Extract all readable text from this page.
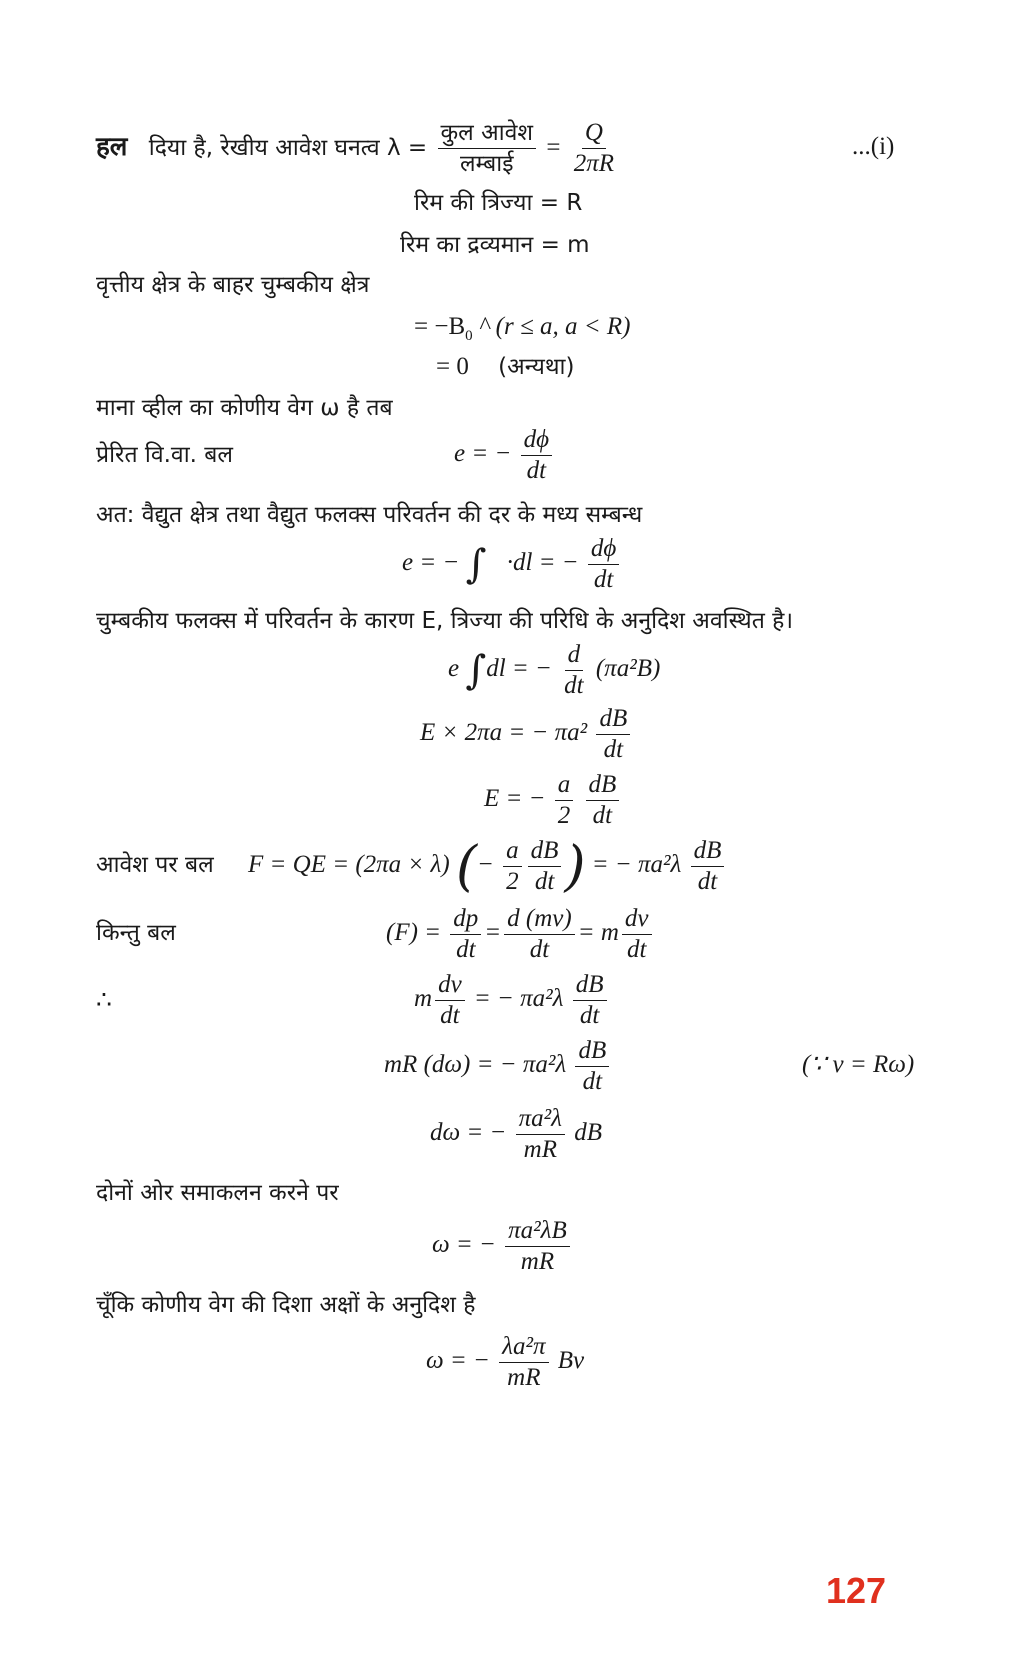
हल दिया है, रेखीय आवेश घनत्व $\lambda = \frac{\text{कुल आवेश}}{\text{लम्बाई}} = \frac{Q}{2\pi R}$	...(i)
रिम की त्रिज्या = R
रिम का द्रव्यमान = m
वृत्तीय क्षेत्र के बाहर चुम्बकीय क्षेत्र
= $-B_0$ ^ (r ≤ a, a < R)
= 0 (अन्यथा)
माना व्हील का कोणीय वेग ω है तब
प्रेरित वि.वा. बल	e = − $\frac{d\phi}{dt}$
अत: वैद्युत क्षेत्र तथा वैद्युत फलक्स परिवर्तन की दर के मध्य सम्बन्ध
e = − ∫ ·dl = − $\frac{d\phi}{dt}$
चुम्बकीय फलक्स में परिवर्तन के कारण E, त्रिज्या की परिधि के अनुदिश अवस्थित है।
e ∫dl = − $\frac{d}{dt} (\pi a^2B)$
E × 2πa = − $\pi a^2 \frac{dB}{dt}$
E = − $\frac{a}{2}$
$\frac{dB}{dt}$
आवेश पर बल F = QE = (2πa × λ) (− $\frac{a}{2} \frac{dB}{dt}$ ) = − $\pi a^2\lambda \frac{dB}{dt}$
किन्तु बल	$(F) = \frac{dp}{dt} = \frac{d (mv)}{dt} = m \frac{dv}{dt}$
∴	m $\frac{dv}{dt}$ = − $\pi a^2\lambda \frac{dB}{dt}$
mR (dω) = − $\pi a^2\lambda \frac{dB}{dt}$	(∵ v = Rω)
dω = − $\frac{\text{πa²λ}}{mR}$ dB
दोनों ओर समाकलन करने पर
ω = − $\frac{\text{πa²λB}}{mR}$
चूँकि कोणीय वेग की दिशा अक्षों के अनुदिश है
ω = − $\frac{\text{λa²π}}{mR}$ Bv
127
